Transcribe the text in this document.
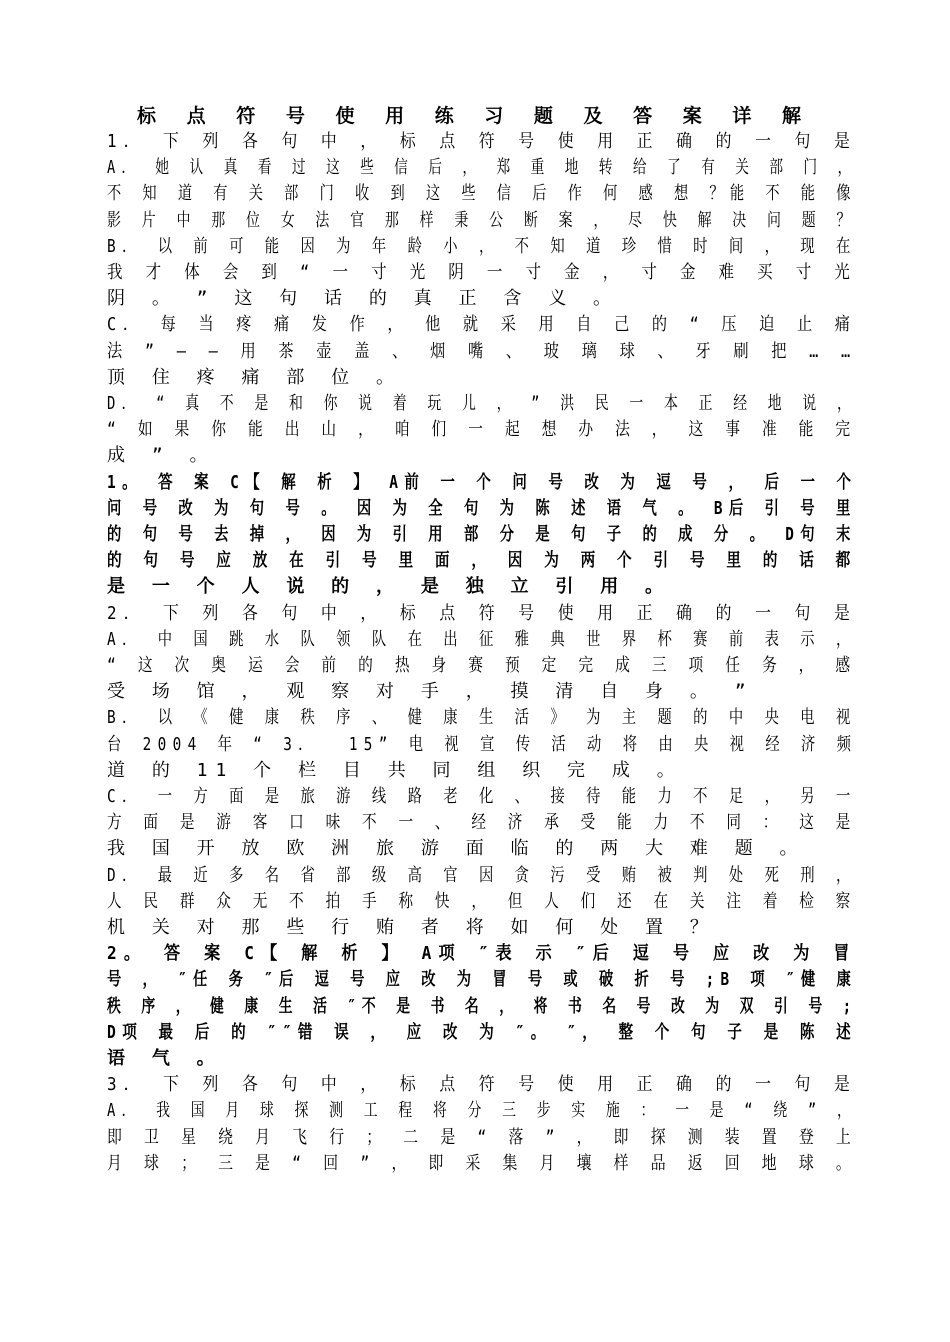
标 点 符 号 使 用 练 习 题 及 答 案 详 解
1． 下 列 各 句 中 ， 标 点 符 号 使 用 正 确 的 一 句 是
A． 她 认 真 看 过 这 些 信 后 ， 郑 重 地 转 给 了 有 关 部 门 ，
不 知 道 有 关 部 门 收 到 这 些 信 后 作 何 感 想 ？能 不 能 像
影 片 中 那 位 女 法 官 那 样 秉 公 断 案 ， 尽 快 解 决 问 题 ？
B． 以 前 可 能 因 为 年 龄 小 ， 不 知 道 珍 惜 时 间 ， 现 在
我 才 体 会 到 “ 一 寸 光 阴 一 寸 金 ， 寸 金 难 买 寸 光
阴 。 ” 这 句 话 的 真 正 含 义 。
C． 每 当 疼 痛 发 作 ， 他 就 采 用 自 己 的 “ 压 迫 止 痛
法 ” — — 用 茶 壶 盖 、 烟 嘴 、 玻 璃 球 、 牙 刷 把 … …
顶 住 疼 痛 部 位 。
D． “ 真 不 是 和 你 说 着 玩 儿 ， ” 洪 民 一 本 正 经 地 说 ，
“ 如 果 你 能 出 山 ， 咱 们 一 起 想 办 法 ， 这 事 准 能 完
成 ” 。
1。 答 案 C【 解 析 】 A前 一 个 问 号 改 为 逗 号 ， 后 一 个
问 号 改 为 句 号 。 因 为 全 句 为 陈 述 语 气 。 B后 引 号 里
的 句 号 去 掉 ， 因 为 引 用 部 分 是 句 子 的 成 分 。 D句 末
的 句 号 应 放 在 引 号 里 面 ， 因 为 两 个 引 号 里 的 话 都
是 一 个 人 说 的 ， 是 独 立 引 用 。
2． 下 列 各 句 中 ， 标 点 符 号 使 用 正 确 的 一 句 是
A． 中 国 跳 水 队 领 队 在 出 征 雅 典 世 界 杯 赛 前 表 示 ，
“ 这 次 奥 运 会 前 的 热 身 赛 预 定 完 成 三 项 任 务 ， 感
受 场 馆 ， 观 察 对 手 ， 摸 清 自 身 。 ”
B． 以 《 健 康 秩 序 、 健 康 生 活 》 为 主 题 的 中 央 电 视
台 2004 年 “ 3．  15” 电 视 宣 传 活 动 将 由 央 视 经 济 频
道 的 11 个 栏 目 共 同 组 织 完 成 。
C． 一 方 面 是 旅 游 线 路 老 化 、 接 待 能 力 不 足 ， 另 一
方 面 是 游 客 口 味 不 一 、 经 济 承 受 能 力 不 同 ： 这 是
我 国 开 放 欧 洲 旅 游 面 临 的 两 大 难 题 。
D． 最 近 多 名 省 部 级 高 官 因 贪 污 受 贿 被 判 处 死 刑 ，
人 民 群 众 无 不 拍 手 称 快 ， 但 人 们 还 在 关 注 着 检 察
机 关 对 那 些 行 贿 者 将 如 何 处 置 ？
2。 答 案 C【 解 析 】 A项 ″表 示 ″后 逗 号 应 改 为 冒
号 ， ″任 务 ″后 逗 号 应 改 为 冒 号 或 破 折 号 ;B 项 ″健 康
秩 序 ， 健 康 生 活 ″不 是 书 名 ， 将 书 名 号 改 为 双 引 号 ;
D项 最 后 的 ″″错 误 ， 应 改 为 ″。 ″， 整 个 句 子 是 陈 述
语 气 。
3． 下 列 各 句 中 ， 标 点 符 号 使 用 正 确 的 一 句 是
A． 我 国 月 球 探 测 工 程 将 分 三 步 实 施 ： 一 是 “ 绕 ” ，
即 卫 星 绕 月 飞 行 ； 二 是 “ 落 ” ， 即 探 测 装 置 登 上
月 球 ； 三 是 “ 回 ” ， 即 采 集 月 壤 样 品 返 回 地 球 。
